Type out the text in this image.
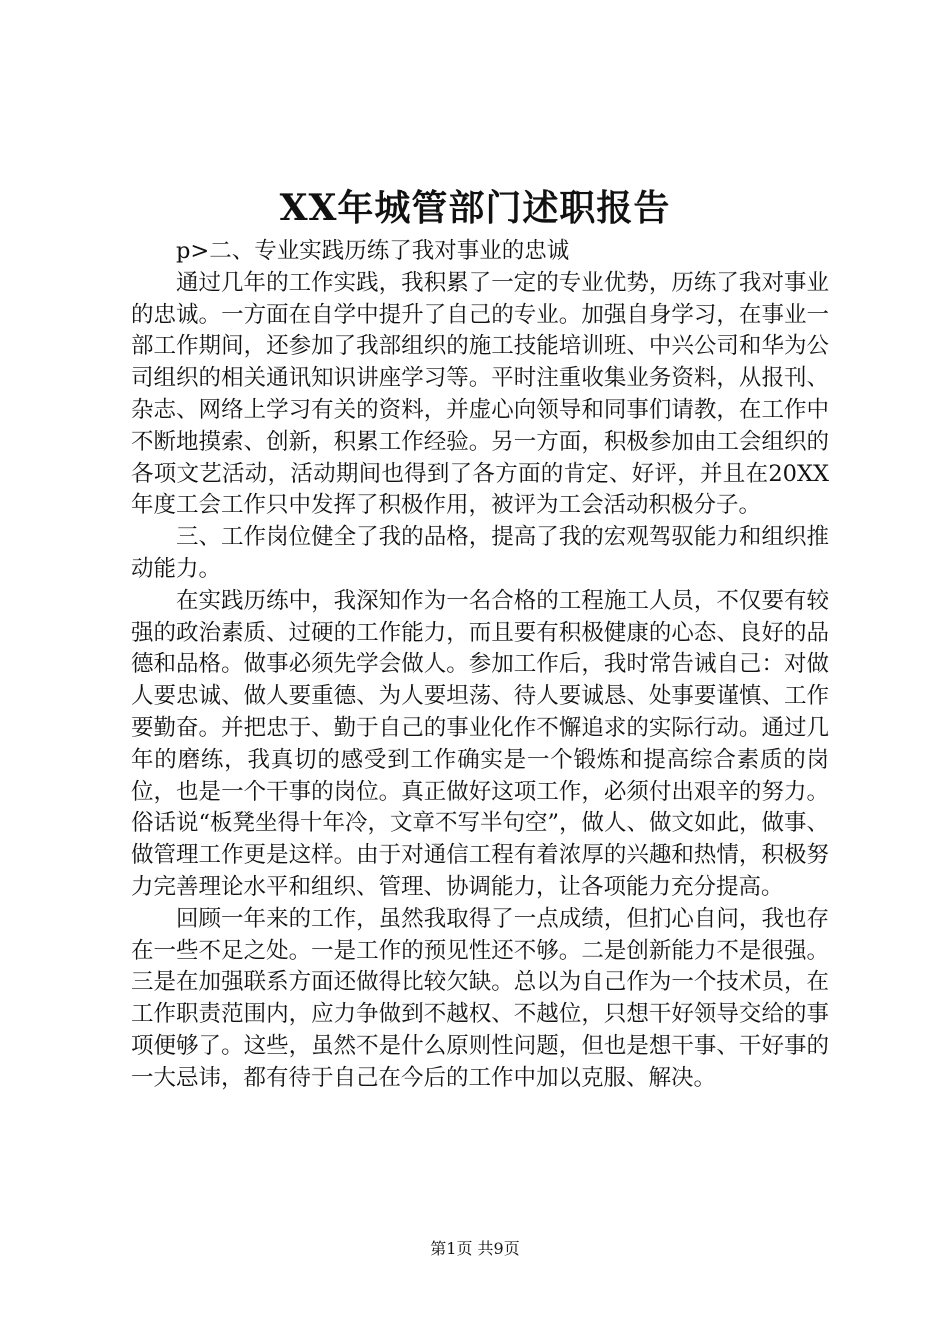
XX年城管部门述职报告

p>二、专业实践历练了我对事业的忠诚

通过几年的工作实践，我积累了一定的专业优势，历练了我对事业的忠诚。一方面在自学中提升了自己的专业。加强自身学习，在事业一部工作期间，还参加了我部组织的施工技能培训班、中兴公司和华为公司组织的相关通讯知识讲座学习等。平时注重收集业务资料，从报刊、杂志、网络上学习有关的资料，并虚心向领导和同事们请教，在工作中不断地摸索、创新，积累工作经验。另一方面，积极参加由工会组织的各项文艺活动，活动期间也得到了各方面的肯定、好评，并且在20XX年度工会工作只中发挥了积极作用，被评为工会活动积极分子。

三、工作岗位健全了我的品格，提高了我的宏观驾驭能力和组织推动能力。

在实践历练中，我深知作为一名合格的工程施工人员，不仅要有较强的政治素质、过硬的工作能力，而且要有积极健康的心态、良好的品德和品格。做事必须先学会做人。参加工作后，我时常告诫自己：对做人要忠诚、做人要重德、为人要坦荡、待人要诚恳、处事要谨慎、工作要勤奋。并把忠于、勤于自己的事业化作不懈追求的实际行动。通过几年的磨练，我真切的感受到工作确实是一个锻炼和提高综合素质的岗位，也是一个干事的岗位。真正做好这项工作，必须付出艰辛的努力。俗话说“板凳坐得十年冷，文章不写半句空”，做人、做文如此，做事、做管理工作更是这样。由于对通信工程有着浓厚的兴趣和热情，积极努力完善理论水平和组织、管理、协调能力，让各项能力充分提高。

回顾一年来的工作，虽然我取得了一点成绩，但扪心自问，我也存在一些不足之处。一是工作的预见性还不够。二是创新能力不是很强。三是在加强联系方面还做得比较欠缺。总以为自己作为一个技术员，在工作职责范围内，应力争做到不越权、不越位，只想干好领导交给的事项便够了。这些，虽然不是什么原则性问题，但也是想干事、干好事的一大忌讳，都有待于自己在今后的工作中加以克服、解决。

第1页 共9页
